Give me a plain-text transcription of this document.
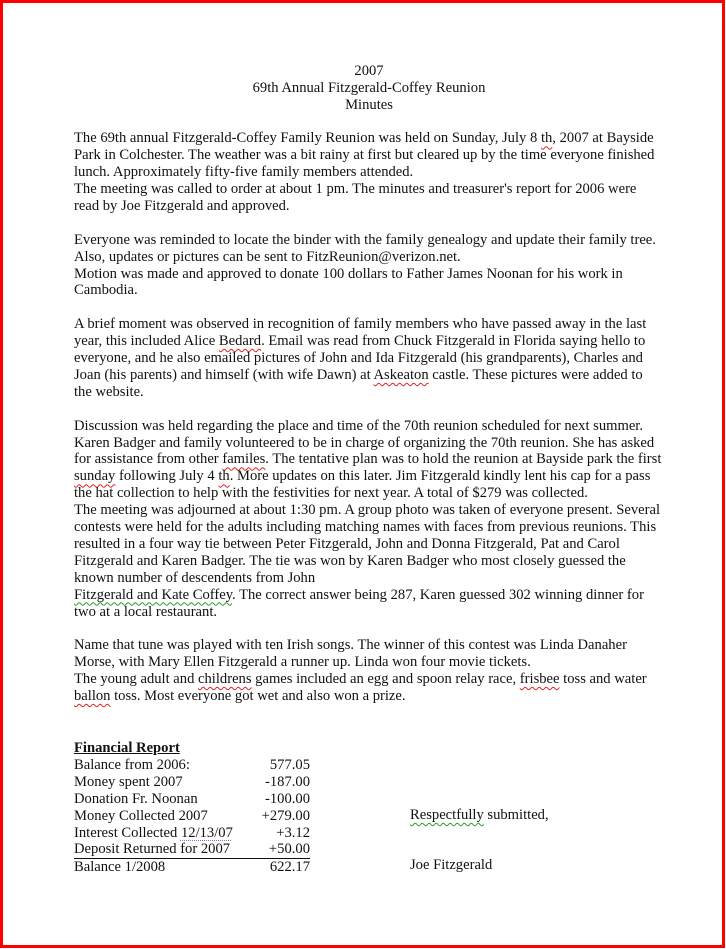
2007
69th Annual Fitzgerald-Coffey Reunion
Minutes

The 69th annual Fitzgerald-Coffey Family Reunion was held on Sunday, July 8 th, 2007 at Bayside Park in Colchester. The weather was a bit rainy at first but cleared up by the time everyone finished lunch. Approximately fifty-five family members attended.

The meeting was called to order at about 1 pm. The minutes and treasurer's report for 2006 were read by Joe Fitzgerald and approved.

Everyone was reminded to locate the binder with the family genealogy and update their family tree. Also, updates or pictures can be sent to FitzReunion@verizon.net.

Motion was made and approved to donate 100 dollars to Father James Noonan for his work in Cambodia.

A brief moment was observed in recognition of family members who have passed away in the last year, this included Alice Bedard. Email was read from Chuck Fitzgerald in Florida saying hello to everyone, and he also emailed pictures of John and Ida Fitzgerald (his grandparents), Charles and Joan (his parents) and himself (with wife Dawn) at Askeaton castle. These pictures were added to the website.

Discussion was held regarding the place and time of the 70th reunion scheduled for next summer. Karen Badger and family volunteered to be in charge of organizing the 70th reunion. She has asked for assistance from other familes. The tentative plan was to hold the reunion at Bayside park the first sunday following July 4 th. More updates on this later. Jim Fitzgerald kindly lent his cap for a pass the hat collection to help with the festivities for next year. A total of $279 was collected.

The meeting was adjourned at about 1:30 pm. A group photo was taken of everyone present. Several contests were held for the adults including matching names with faces from previous reunions. This resulted in a four way tie between Peter Fitzgerald, John and Donna Fitzgerald, Pat and Carol Fitzgerald and Karen Badger. The tie was won by Karen Badger who most closely guessed the known number of descendents from John
Fitzgerald and Kate Coffey. The correct answer being 287, Karen guessed 302 winning dinner for two at a local restaurant.

Name that tune was played with ten Irish songs. The winner of this contest was Linda Danaher Morse, with Mary Ellen Fitzgerald a runner up. Linda won four movie tickets.

The young adult and childrens games included an egg and spoon relay race, frisbee toss and water ballon toss. Most everyone got wet and also won a prize.

Financial Report
Balance from 2006:	577.05
Money spent 2007	-187.00
Donation Fr. Noonan	-100.00
Money Collected 2007	+279.00
Interest Collected 12/13/07	+3.12
Deposit Returned for 2007	+50.00
Balance 1/2008	622.17
Respectfully submitted,
Joe Fitzgerald
